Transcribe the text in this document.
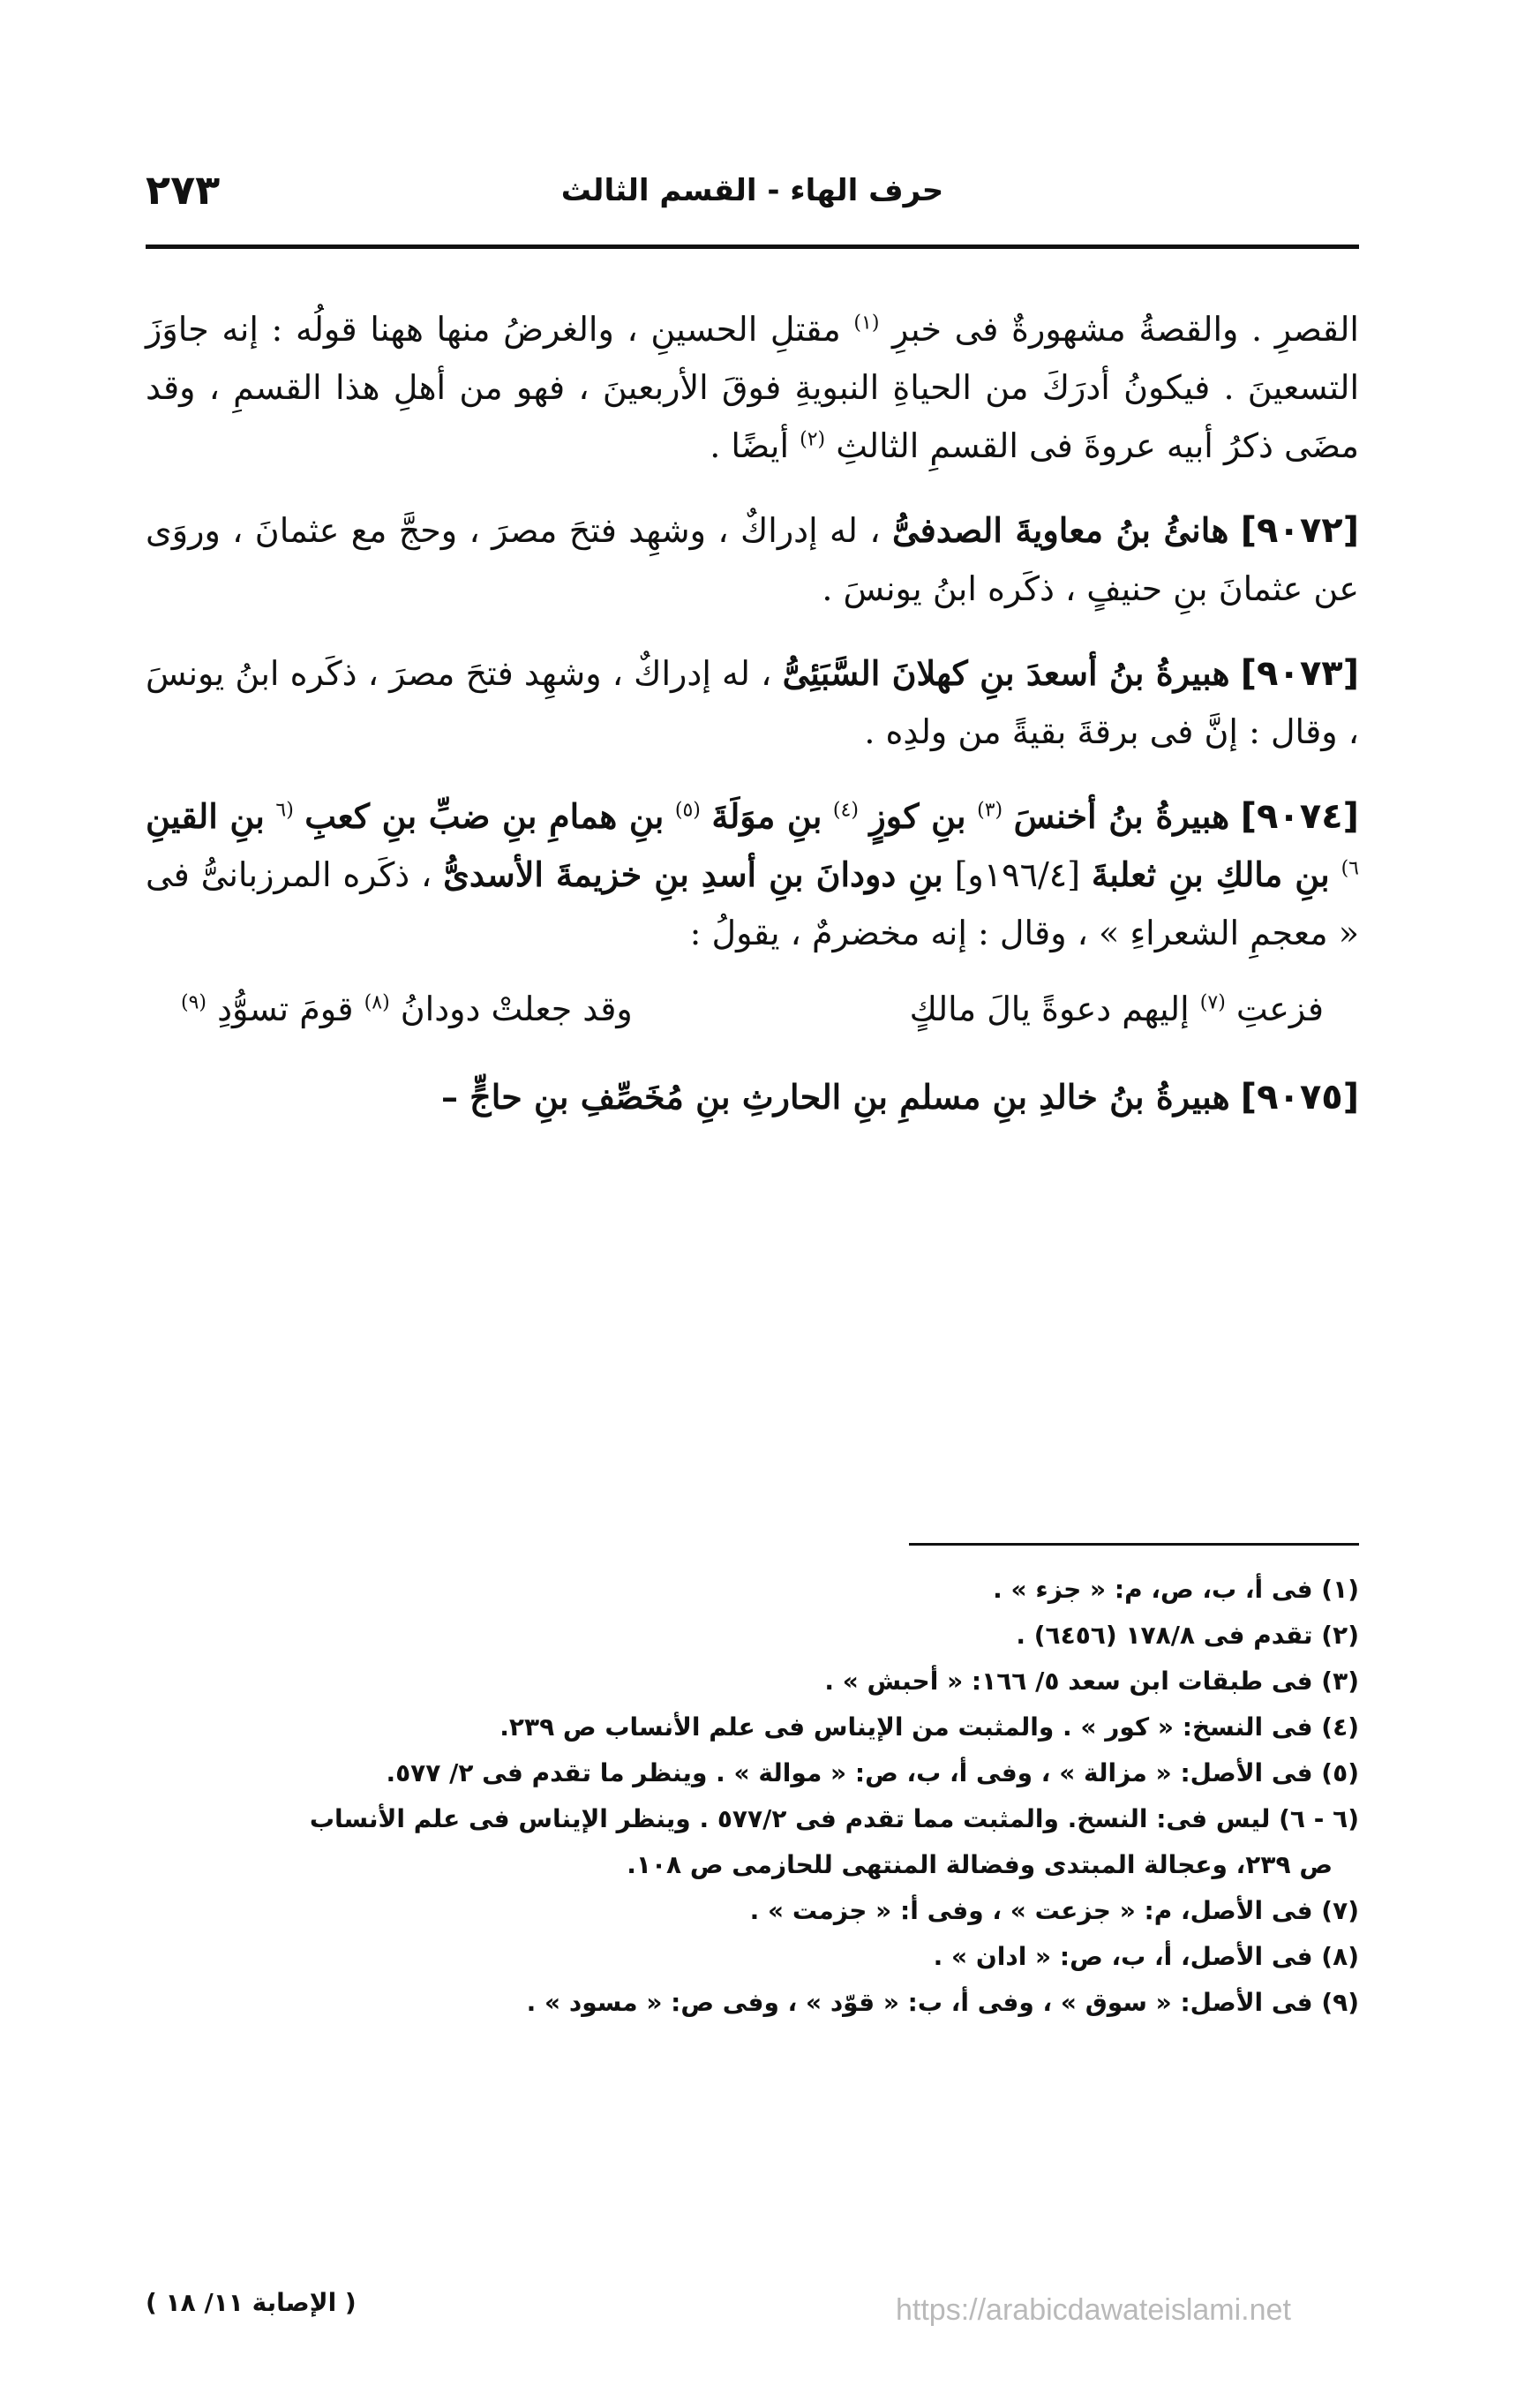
٢٧٣	حرف الهاء - القسم الثالث

القصرِ . والقصةُ مشهورةٌ فى خبرِ $^{(١)}$ مقتلِ الحسينِ ، والغرضُ منها ههنا قولُه : إنه جاوَزَ التسعينَ . فيكونُ أدرَكَ من الحياةِ النبويةِ فوقَ الأربعينَ ، فهو من أهلِ هذا القسمِ ، وقد مضَى ذكرُ أبيه عروةَ فى القسمِ الثالثِ $^{(٢)}$ أيضًا .

[٩٠٧٢] هانئُ بنُ معاويةَ الصدفىُّ ، له إدراكٌ ، وشهِد فتحَ مصرَ ، وحجَّ مع عثمانَ ، وروَى عن عثمانَ بنِ حنيفٍ ، ذكَره ابنُ يونسَ .

[٩٠٧٣] هبيرةُ بنُ أسعدَ بنِ كهلانَ السَّبَئِىُّ ، له إدراكٌ ، وشهِد فتحَ مصرَ ، ذكَره ابنُ يونسَ ، وقال : إنَّ فى برقةَ بقيةً من ولدِه .

[٩٠٧٤] هبيرةُ بنُ أخنسَ $^{(٣)}$ بنِ كوزٍ $^{(٤)}$ بنِ موَلَةَ $^{(٥)}$ بنِ همامِ بنِ ضبِّ بنِ كعبِ $^{(٦}$ بنِ القينِ $^{٦)}$ بنِ مالكِ بنِ ثعلبةَ [١٩٦/٤و] بنِ دودانَ بنِ أسدِ بنِ خزيمةَ الأسدىُّ ، ذكَره المرزبانىُّ فى « معجمِ الشعراءِ » ، وقال : إنه مخضرمٌ ، يقولُ :

فزعتِ $^{(٧)}$ إليهم دعوةً يالَ مالكٍ
وقد جعلتْ دودانُ $^{(٨)}$ قومَ تسوُّدِ $^{(٩)}$

[٩٠٧٥] هبيرةُ بنُ خالدِ بنِ مسلمِ بنِ الحارثِ بنِ مُخَصِّفِ بنِ حاجٍّ –

(١) فى أ، ب، ص، م: « جزء » .

(٢) تقدم فى ١٧٨/٨ (٦٤٥٦) .

(٣) فى طبقات ابن سعد ٥/ ١٦٦: « أحبش » .

(٤) فى النسخ: « كور » . والمثبت من الإيناس فى علم الأنساب ص ٢٣٩.

(٥) فى الأصل: « مزالة » ، وفى أ، ب، ص: « موالة » . وينظر ما تقدم فى ٢/ ٥٧٧.

(٦ - ٦) ليس فى: النسخ. والمثبت مما تقدم فى ٥٧٧/٢ . وينظر الإيناس فى علم الأنساب

ص ٢٣٩، وعجالة المبتدى وفضالة المنتهى للحازمى ص ١٠٨.

(٧) فى الأصل، م: « جزعت » ، وفى أ: « جزمت » .

(٨) فى الأصل، أ، ب، ص: « ادان » .

(٩) فى الأصل: « سوق » ، وفى أ، ب: « قوّد » ، وفى ص: « مسود » .

( الإصابة ١١/ ١٨ )	https://arabicdawateislami.net
